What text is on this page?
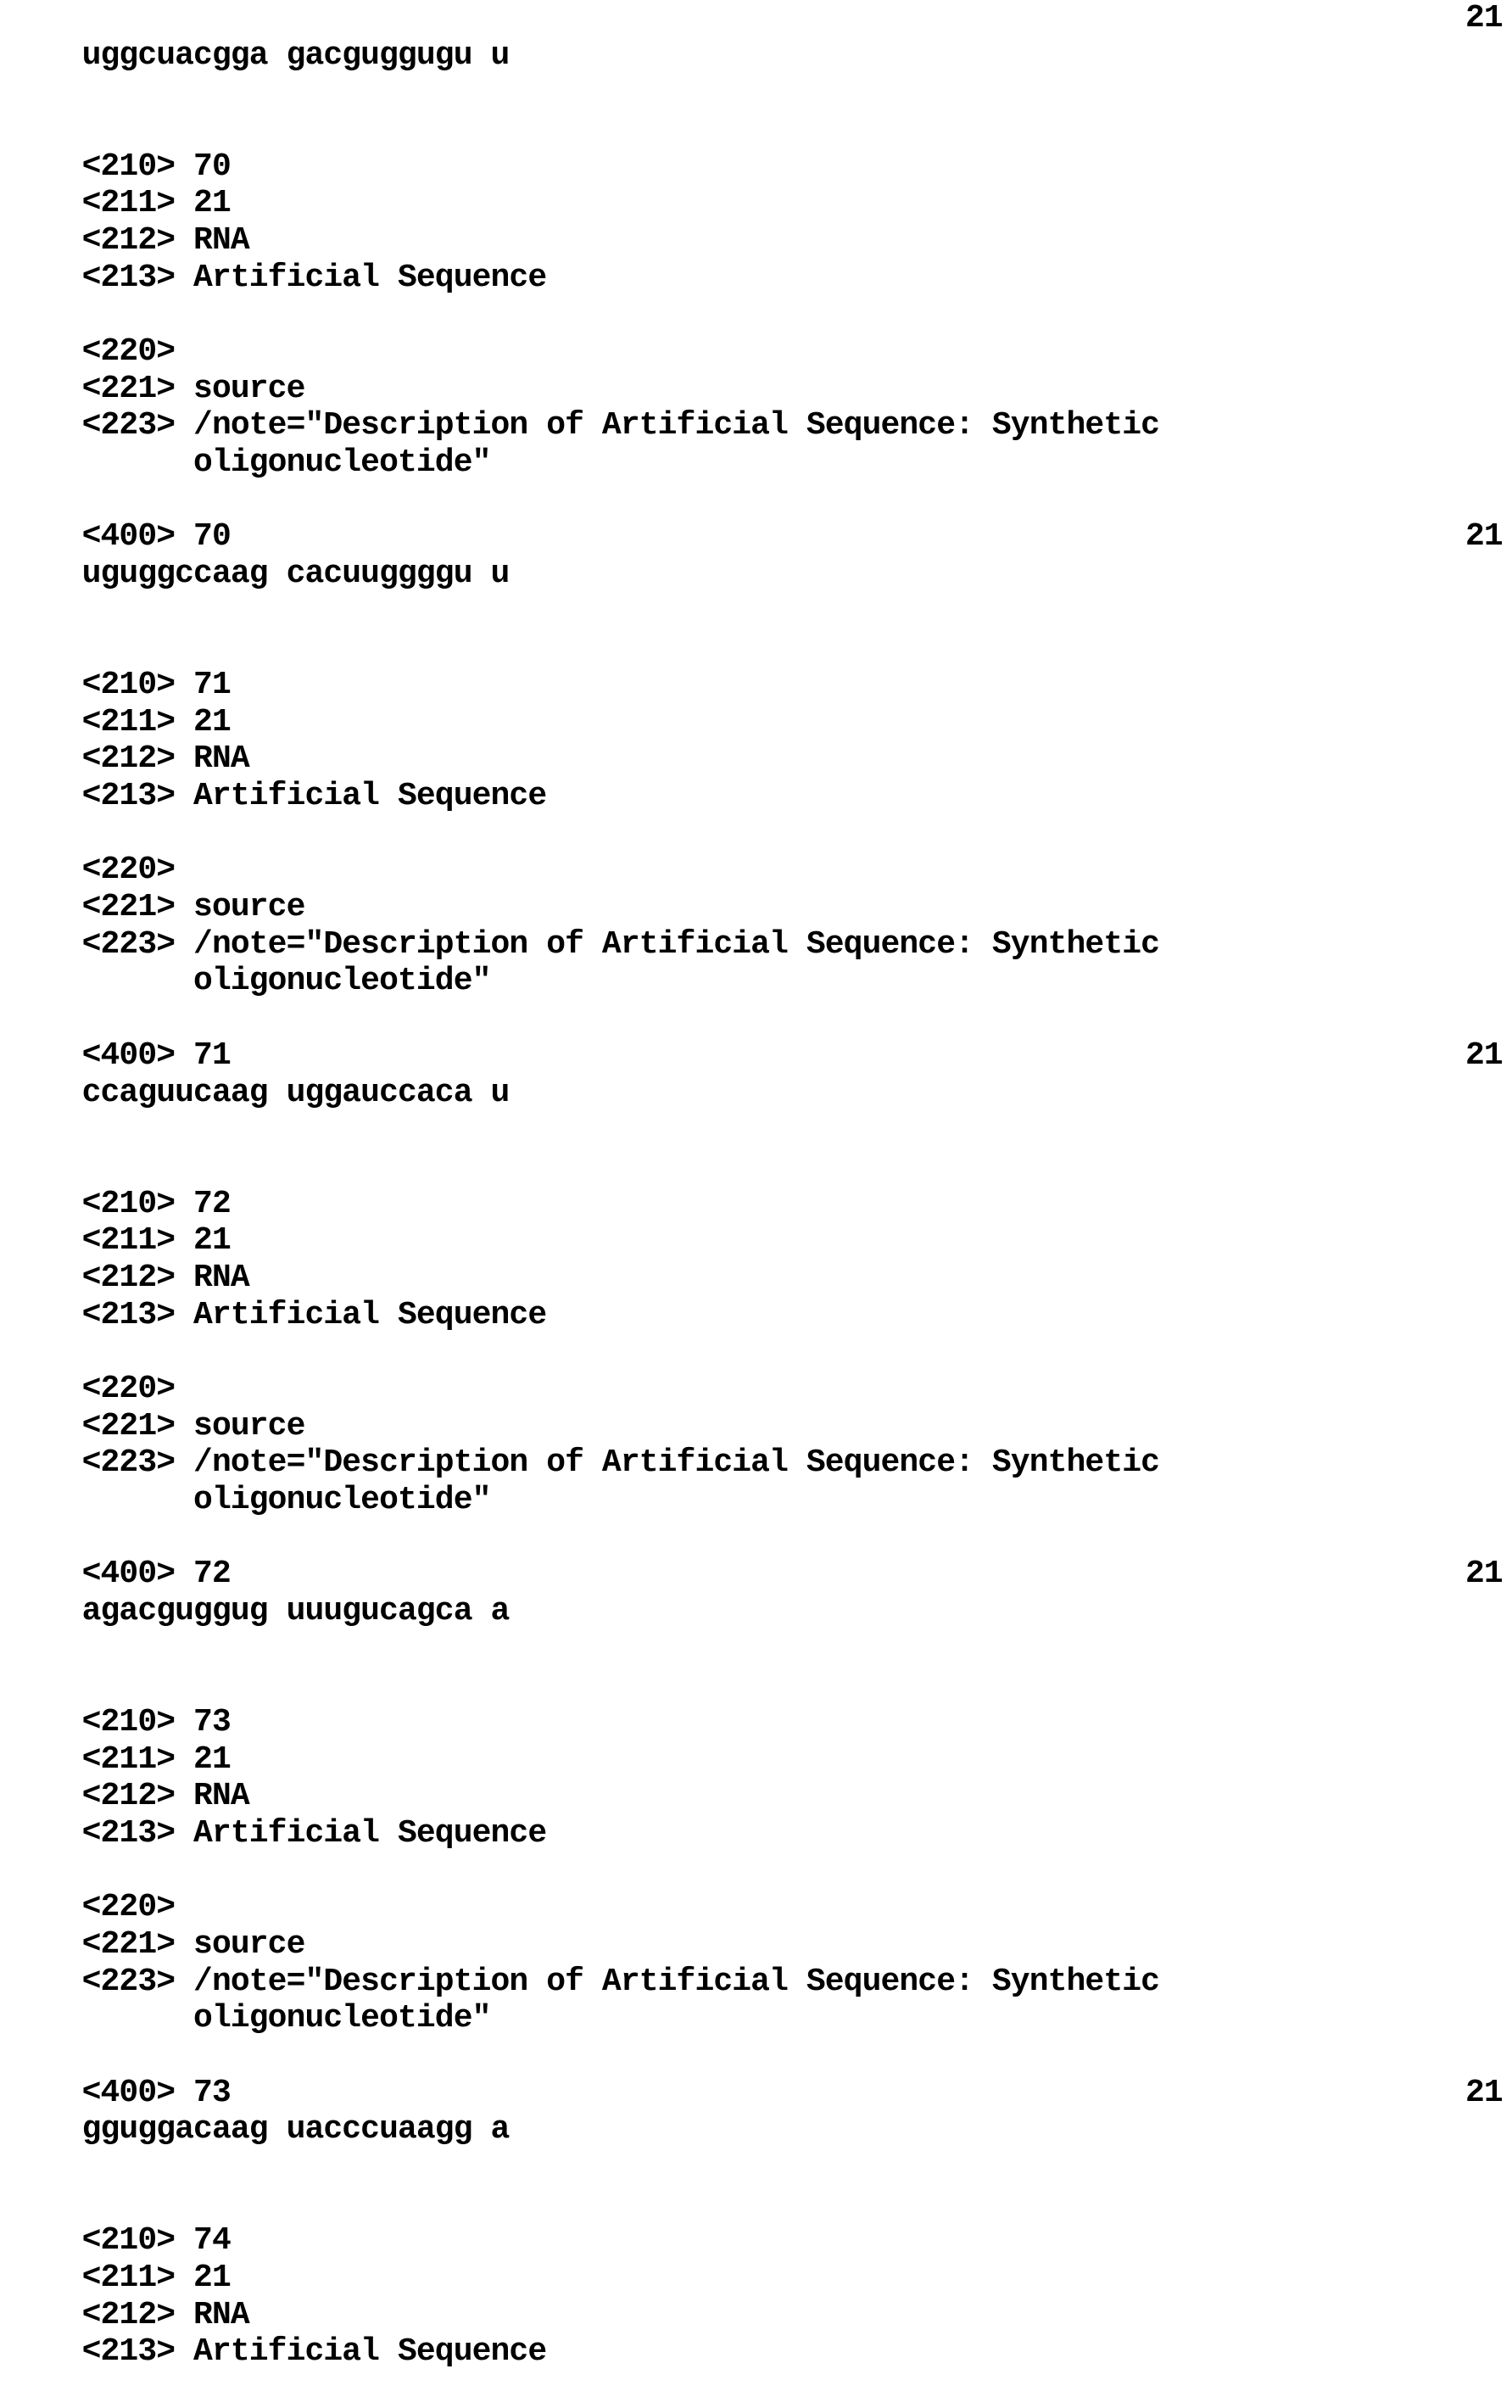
uggcuacgga gacguggugu u

21

<210> 70

<211> 21

<212> RNA

<213> Artificial Sequence

<220>

<221> source

<223> /note="Description of Artificial Sequence: Synthetic

oligonucleotide"

<400> 70

uguggccaag cacuuggggu u

21

<210> 71

<211> 21

<212> RNA

<213> Artificial Sequence

<220>

<221> source

<223> /note="Description of Artificial Sequence: Synthetic

oligonucleotide"

<400> 71

ccaguucaag uggauccaca u

21

<210> 72

<211> 21

<212> RNA

<213> Artificial Sequence

<220>

<221> source

<223> /note="Description of Artificial Sequence: Synthetic

oligonucleotide"

<400> 72

agacguggug uuugucagca a

21

<210> 73

<211> 21

<212> RNA

<213> Artificial Sequence

<220>

<221> source

<223> /note="Description of Artificial Sequence: Synthetic

oligonucleotide"

<400> 73

gguggacaag uacccuaagg a

21

<210> 74

<211> 21

<212> RNA

<213> Artificial Sequence
